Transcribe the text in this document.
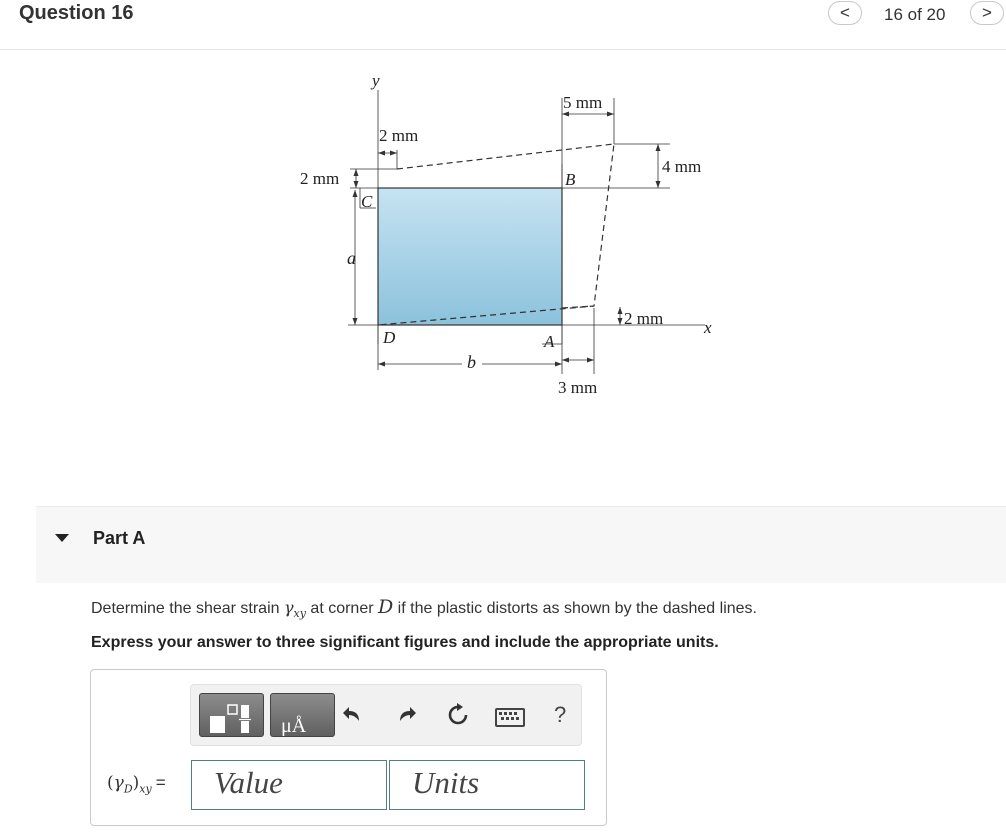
Question 16	<	16 of 20	>
y
x
2 mm
2 mm
5 mm
4 mm
2 mm
3 mm
a
b
A
B
C
D
Part A
Determine the shear strain $\gamma_{xy}$ at corner D if the plastic distorts as shown by the dashed lines.
Express your answer to three significant figures and include the appropriate units.
μÅ	?
$(\gamma_D)_{xy}$ =	Value	Units
